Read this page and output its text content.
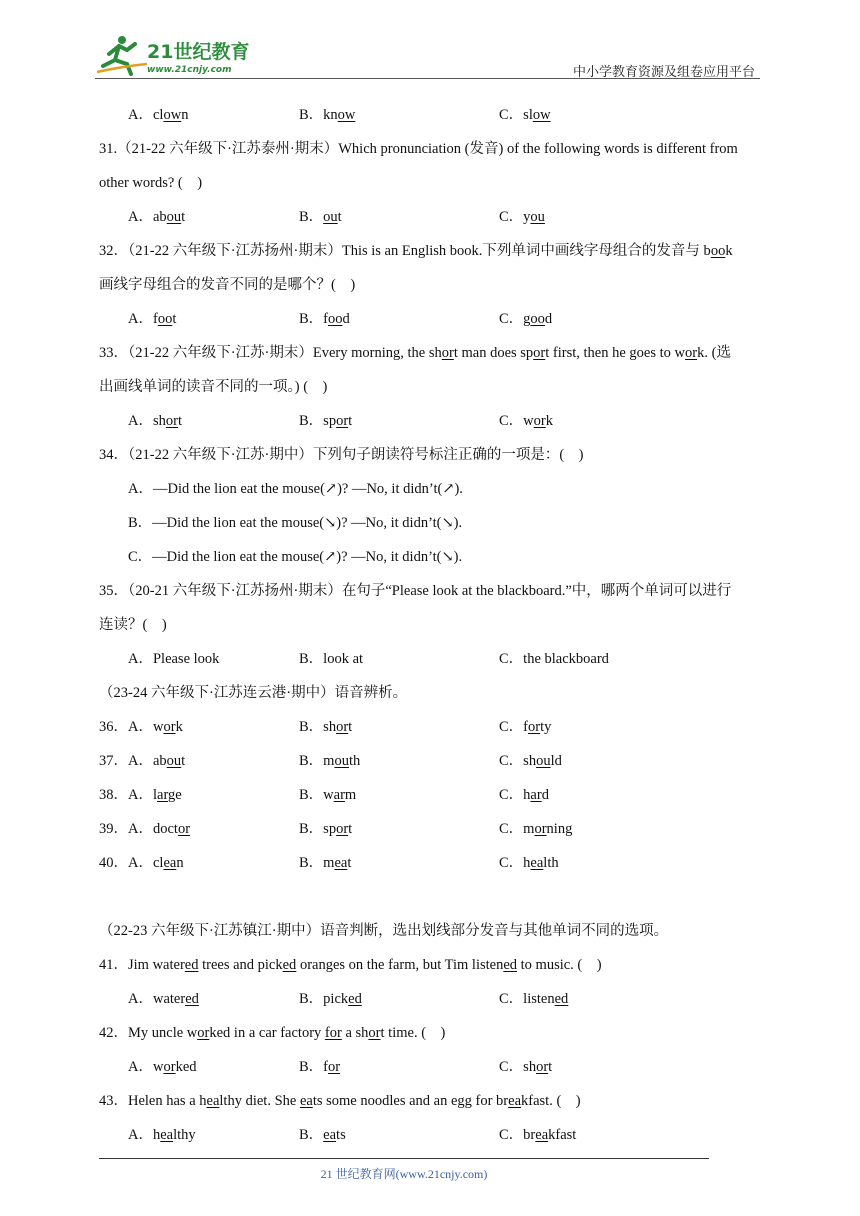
21世纪教育
www.21cnjy.com	中小学教育资源及组卷应用平台
A．clown	B．know	C．slow
31.（21-22 六年级下·江苏泰州·期末）Which pronunciation (发音) of the following words is different from
other words? (　)
A．about	B．out	C．you
32．（21-22 六年级下·江苏扬州·期末）This is an English book.下列单词中画线字母组合的发音与 book
画线字母组合的发音不同的是哪个？(　)
A．foot	B．food	C．good
33．（21-22 六年级下·江苏·期末）Every morning, the short man does sport first, then he goes to work. (选
出画线单词的读音不同的一项。) (　)
A．short	B．sport	C．work
34．（21-22 六年级下·江苏·期中）下列句子朗读符号标注正确的一项是：(　)
A．—Did the lion eat the mouse(↗)? —No, it didn’t(↗).
B．—Did the lion eat the mouse(↘)? —No, it didn’t(↘).
C．—Did the lion eat the mouse(↗)? —No, it didn’t(↘).
35．（20-21 六年级下·江苏扬州·期末）在句子“Please look at the blackboard.”中，哪两个单词可以进行
连读？(　)
A．Please look	B．look at	C．the blackboard
（23-24 六年级下·江苏连云港·期中）语音辨析。
36． A．work	B．short	C．forty
37． A．about	B．mouth	C．should
38． A．large	B．warm	C．hard
39． A．doctor	B．sport	C．morning
40． A．clean	B．meat	C．health
（22-23 六年级下·江苏镇江·期中）语音判断，选出划线部分发音与其他单词不同的选项。
41．Jim watered trees and picked oranges on the farm, but Tim listened to music. (　)
A．watered	B．picked	C．listened
42．My uncle worked in a car factory for a short time. (　)
A．worked	B．for	C．short
43．Helen has a healthy diet. She eats some noodles and an egg for breakfast. (　)
A．healthy	B．eats	C．breakfast
21 世纪教育网(www.21cnjy.com)
